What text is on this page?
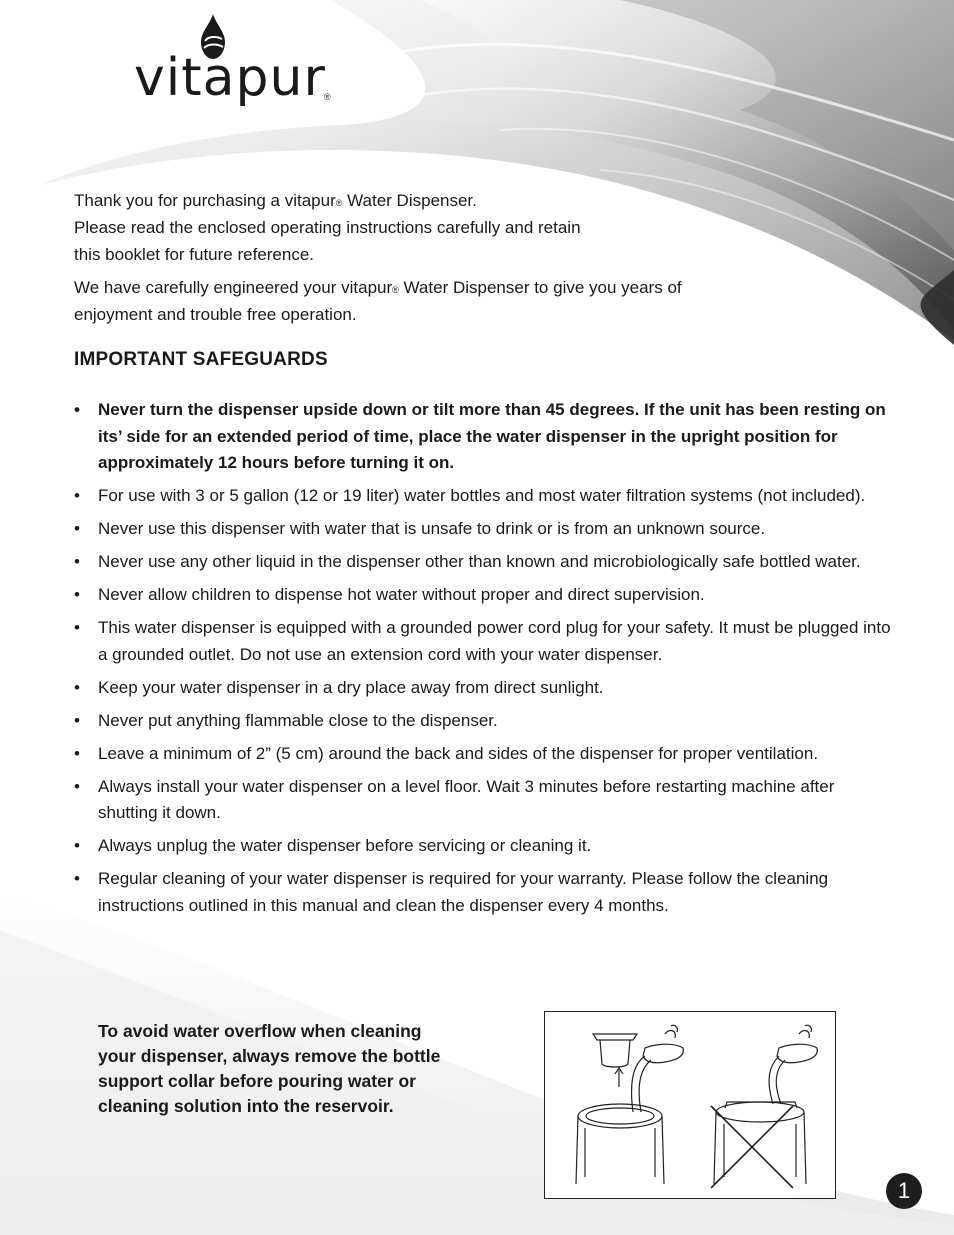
vitapur
®

Thank you for purchasing a vitapur® Water Dispenser.
Please read the enclosed operating instructions carefully and retain
this booklet for future reference.

We have carefully engineered your vitapur® Water Dispenser to give you years of
enjoyment and trouble free operation.

IMPORTANT SAFEGUARDS
• Never turn the dispenser upside down or tilt more than 45 degrees. If the unit has been resting on its’ side for an extended period of time, place the water dispenser in the upright position for approximately 12 hours before turning it on.
• For use with 3 or 5 gallon (12 or 19 liter) water bottles and most water filtration systems (not included).
• Never use this dispenser with water that is unsafe to drink or is from an unknown source.
• Never use any other liquid in the dispenser other than known and microbiologically safe bottled water.
• Never allow children to dispense hot water without proper and direct supervision.
• This water dispenser is equipped with a grounded power cord plug for your safety. It must be plugged into a grounded outlet. Do not use an extension cord with your water dispenser.
• Keep your water dispenser in a dry place away from direct sunlight.
• Never put anything flammable close to the dispenser.
• Leave a minimum of 2” (5 cm) around the back and sides of the dispenser for proper ventilation.
• Always install your water dispenser on a level floor. Wait 3 minutes before restarting machine after shutting it down.
• Always unplug the water dispenser before servicing or cleaning it.
• Regular cleaning of your water dispenser is required for your warranty. Please follow the cleaning instructions outlined in this manual and clean the dispenser every 4 months.
To avoid water overflow when cleaning
your dispenser, always remove the bottle
support collar before pouring water or
cleaning solution into the reservoir.
1
